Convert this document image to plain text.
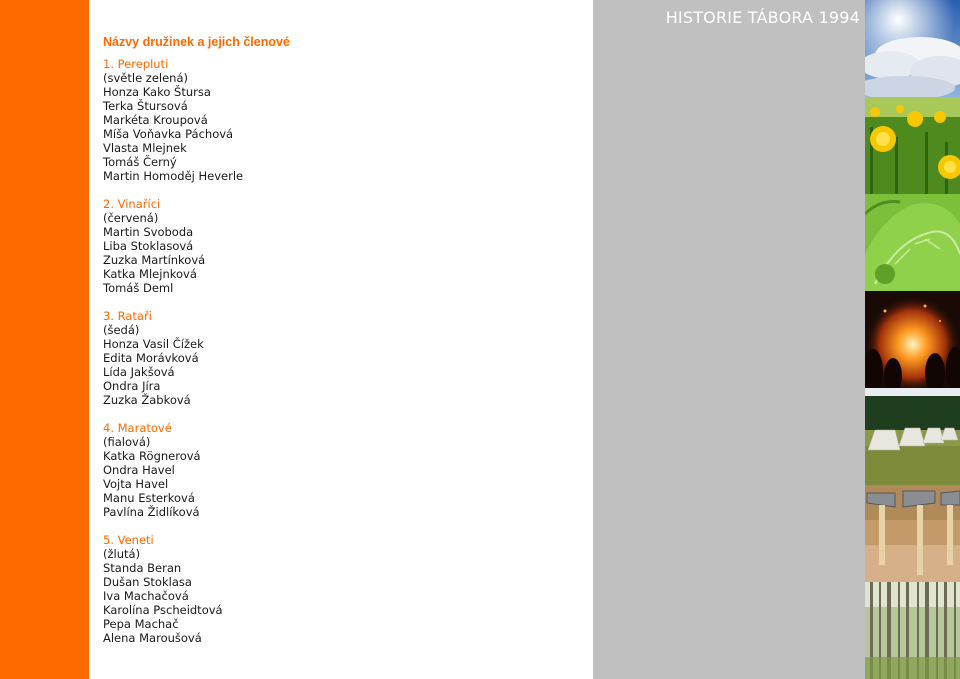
HISTORIE TÁBORA 1994
Názvy družinek a jejich členové
1. Perepluti
(světle zelená)
Honza Kako Štursa
Terka Štursová
Markéta Kroupová
Míša Voňavka Páchová
Vlasta Mlejnek
Tomáš Černý
Martin Homoděj Heverle
2. Vinaříci
(červená)
Martin Svoboda
Liba Stoklasová
Zuzka Martínková
Katka Mlejnková
Tomáš Deml
3. Rataři
(šedá)
Honza Vasil Čížek
Edita Morávková
Lída Jakšová
Ondra Jíra
Zuzka Žabková
4. Maratové
(fialová)
Katka Rögnerová
Ondra Havel
Vojta Havel
Manu Esterková
Pavlína Židlíková
5. Veneti
(žlutá)
Standa Beran
Dušan Stoklasa
Iva Machačová
Karolína Pscheidtová
Pepa Machač
Alena Maroušová
